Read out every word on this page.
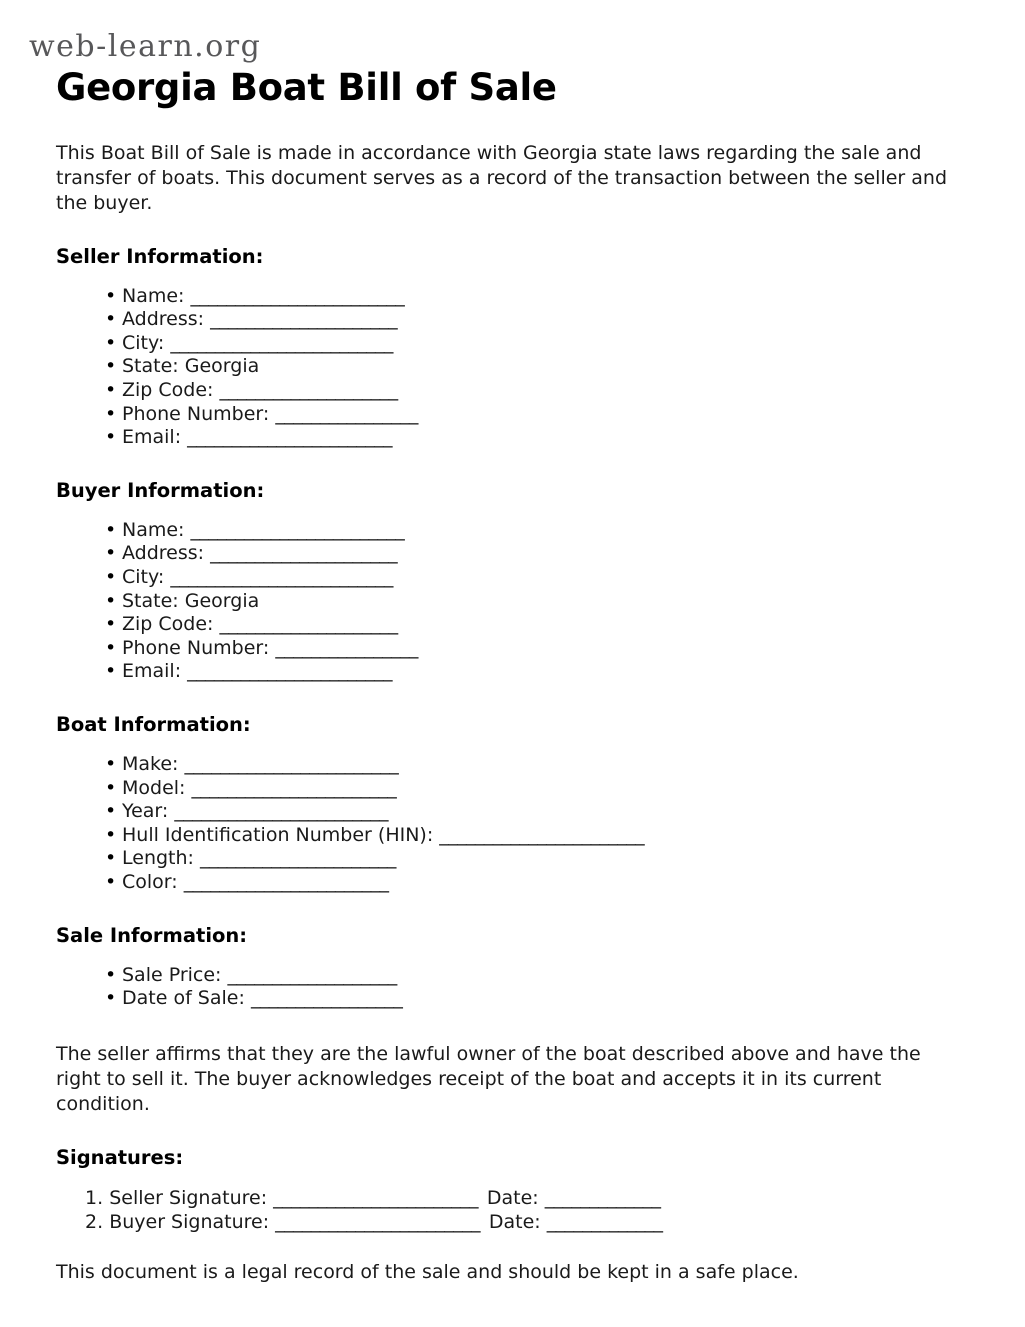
web-learn.org
Georgia Boat Bill of Sale

This Boat Bill of Sale is made in accordance with Georgia state laws regarding the sale and transfer of boats. This document serves as a record of the transaction between the seller and the buyer.

Seller Information:
• Name: ________________________
• Address: _____________________
• City: _________________________
• State: Georgia
• Zip Code: ____________________
• Phone Number: ________________
• Email: _______________________
Buyer Information:
• Name: ________________________
• Address: _____________________
• City: _________________________
• State: Georgia
• Zip Code: ____________________
• Phone Number: ________________
• Email: _______________________
Boat Information:
• Make: ________________________
• Model: _______________________
• Year: ________________________
• Hull Identification Number (HIN): _______________________
• Length: ______________________
• Color: _______________________
Sale Information:
• Sale Price: ___________________
• Date of Sale: _________________

The seller affirms that they are the lawful owner of the boat described above and have the right to sell it. The buyer acknowledges receipt of the boat and accepts it in its current condition.

Signatures:
1. Seller Signature: _______________________ Date: _____________
2. Buyer Signature: _______________________ Date: _____________

This document is a legal record of the sale and should be kept in a safe place.
